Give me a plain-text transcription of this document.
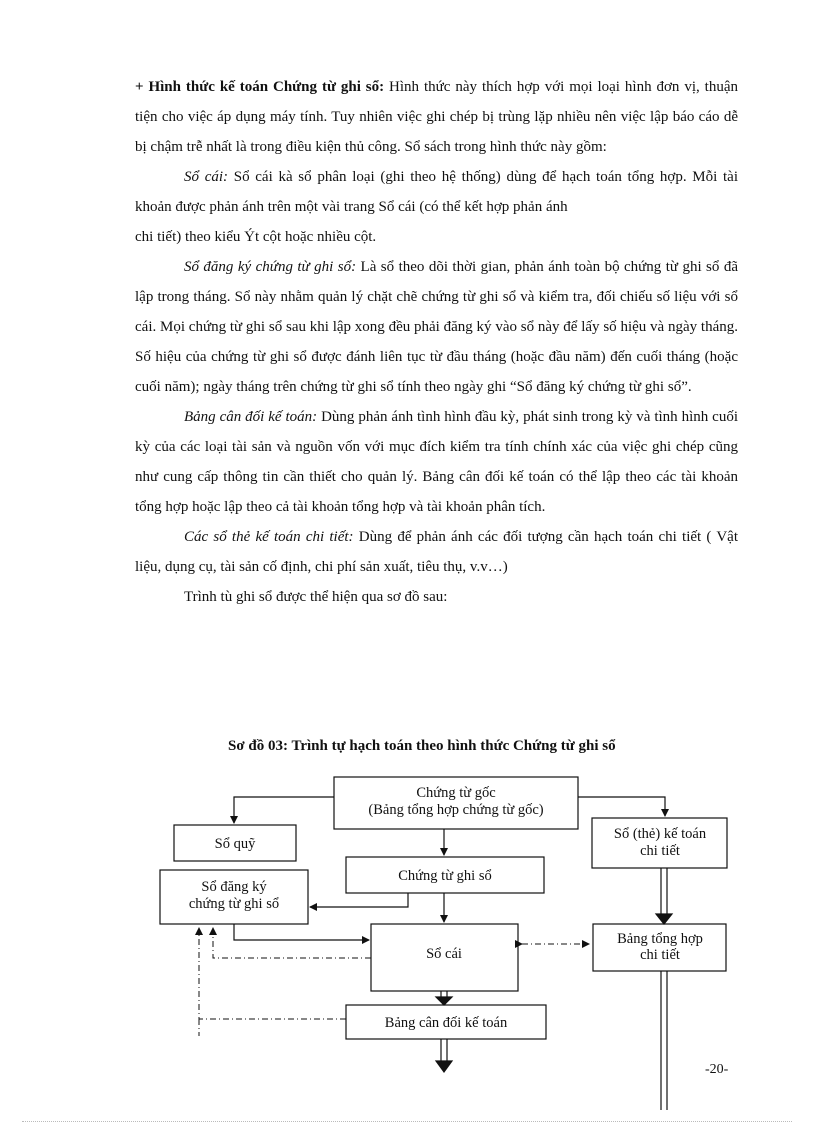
+ Hình thức kế toán Chứng từ ghi sổ: Hình thức này thích hợp với mọi loại hình đơn vị, thuận tiện cho việc áp dụng máy tính. Tuy nhiên việc ghi chép bị trùng lặp nhiều nên việc lập báo cáo dễ bị chậm trễ nhất là trong điều kiện thủ công. Sổ sách trong hình thức này gồm:

Sổ cái: Sổ cái kà sổ phân loại (ghi theo hệ thống) dùng để hạch toán tổng hợp. Mỗi tài khoản được phản ánh trên một vài trang Sổ cái (có thể kết hợp phản ánh

chi tiết) theo kiểu Ýt cột hoặc nhiều cột.

Sổ đăng ký chứng từ ghi sổ: Là sổ theo dõi thời gian, phản ánh toàn bộ chứng từ ghi sổ đã lập trong tháng. Sổ này nhằm quản lý chặt chẽ chứng từ ghi sổ và kiểm tra, đối chiếu số liệu với sổ cái. Mọi chứng từ ghi sổ sau khi lập xong đều phải đăng ký vào sổ này để lấy số hiệu và ngày tháng. Số hiệu của chứng từ ghi sổ được đánh liên tục từ đầu tháng (hoặc đầu năm) đến cuối tháng (hoặc cuối năm); ngày tháng trên chứng từ ghi sổ tính theo ngày ghi “Sổ đăng ký chứng từ ghi sổ”.

Bảng cân đối kế toán: Dùng phản ánh tình hình đầu kỳ, phát sinh trong kỳ và tình hình cuối kỳ của các loại tài sản và nguồn vốn với mục đích kiểm tra tính chính xác của việc ghi chép cũng như cung cấp thông tin cần thiết cho quản lý. Bảng cân đối kế toán có thể lập theo các tài khoản tổng hợp hoặc lập theo cả tài khoản tổng hợp và tài khoản phân tích.

Các sổ thẻ kế toán chi tiết: Dùng để phản ánh các đối tượng cần hạch toán chi tiết ( Vật liệu, dụng cụ, tài sản cố định, chi phí sản xuất, tiêu thụ, v.v…)

Trình tù ghi sổ được thể hiện qua sơ đồ sau:

Sơ đồ 03: Trình tự hạch toán theo hình thức Chứng từ ghi sổ
Chứng từ gốc
(Bảng tổng hợp chứng từ gốc)
Sổ quỹ
Sổ (thẻ) kế toán
chi tiết
Chứng từ ghi sổ
Sổ đăng ký
chứng từ ghi sổ
Sổ cái
Bảng tổng hợp
chi tiết
Bảng cân đối kế toán
-20-
